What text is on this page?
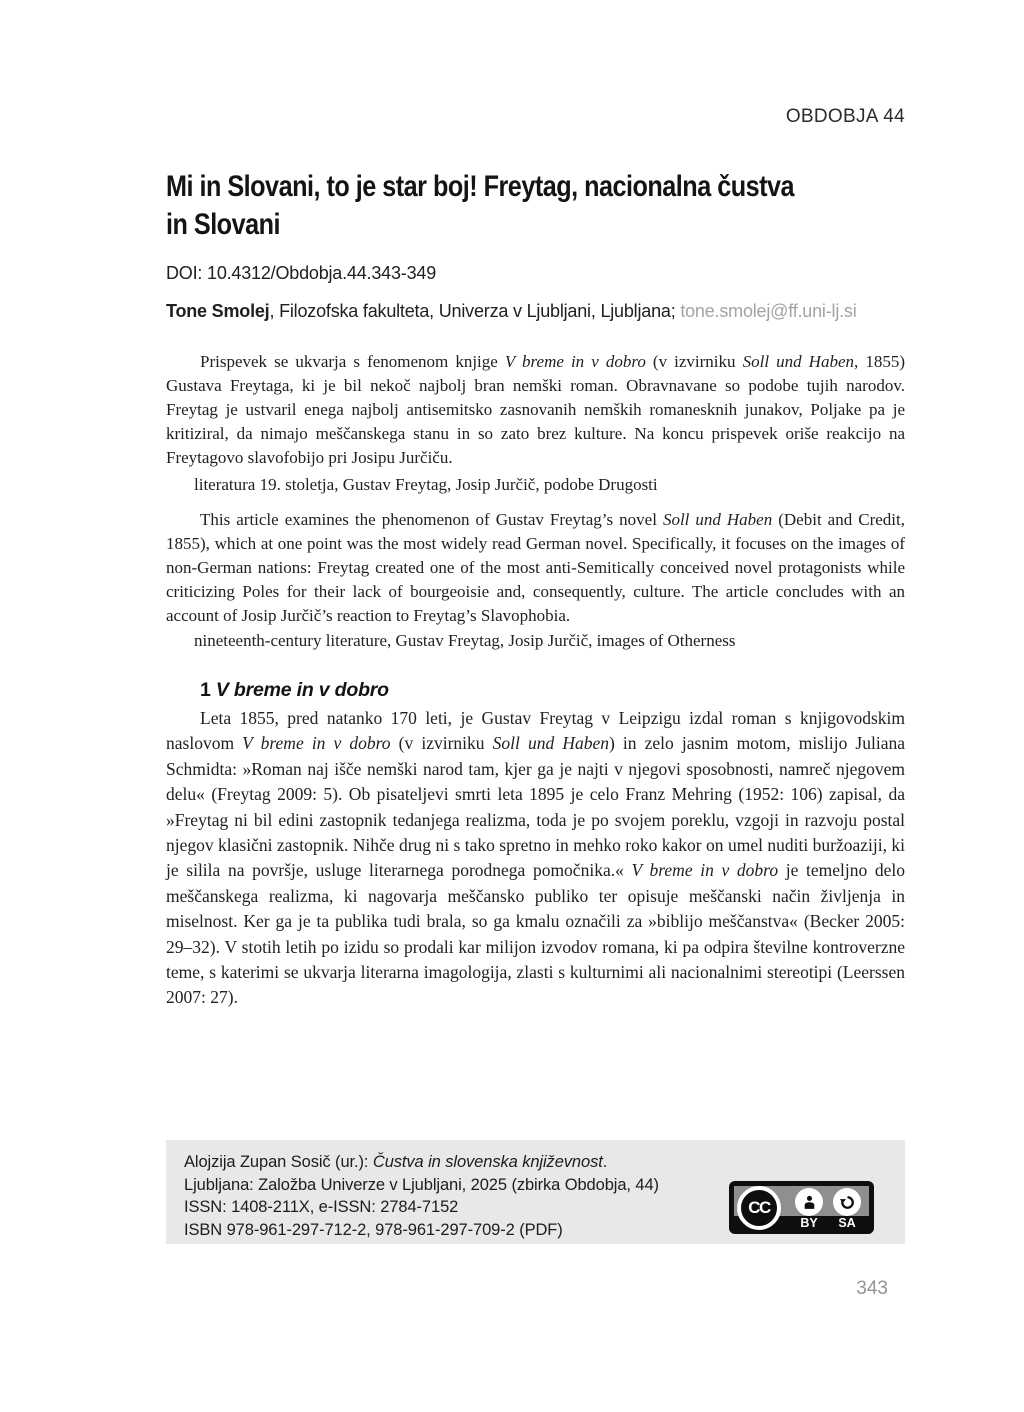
OBDOBJA 44
Mi in Slovani, to je star boj! Freytag, nacionalna čustva
in Slovani
DOI: 10.4312/Obdobja.44.343-349
Tone Smolej, Filozofska fakulteta, Univerza v Ljubljani, Ljubljana; tone.smolej@ff.uni-lj.si
Prispevek se ukvarja s fenomenom knjige V breme in v dobro (v izvirniku Soll und Haben, 1855) Gustava Freytaga, ki je bil nekoč najbolj bran nemški roman. Obravnavane so podobe tujih narodov. Freytag je ustvaril enega najbolj antisemitsko zasnovanih nemških romanesknih junakov, Poljake pa je kritiziral, da nimajo meščanskega stanu in so zato brez kulture. Na koncu prispevek oriše reakcijo na Freytagovo slavofobijo pri Josipu Jurčiču.
literatura 19. stoletja, Gustav Freytag, Josip Jurčič, podobe Drugosti
This article examines the phenomenon of Gustav Freytag’s novel Soll und Haben (Debit and Credit, 1855), which at one point was the most widely read German novel. Specifically, it focuses on the images of non-German nations: Freytag created one of the most anti-Semitically conceived novel protagonists while criticizing Poles for their lack of bourgeoisie and, consequently, culture. The article concludes with an account of Josip Jurčič’s reaction to Freytag’s Slavophobia.
nineteenth-century literature, Gustav Freytag, Josip Jurčič, images of Otherness
1 V breme in v dobro
Leta 1855, pred natanko 170 leti, je Gustav Freytag v Leipzigu izdal roman s knjigovodskim naslovom V breme in v dobro (v izvirniku Soll und Haben) in zelo jasnim motom, mislijo Juliana Schmidta: »Roman naj išče nemški narod tam, kjer ga je najti v njegovi sposobnosti, namreč njegovem delu« (Freytag 2009: 5). Ob pisateljevi smrti leta 1895 je celo Franz Mehring (1952: 106) zapisal, da »Freytag ni bil edini zastopnik tedanjega realizma, toda je po svojem poreklu, vzgoji in razvoju postal njegov klasični zastopnik. Nihče drug ni s tako spretno in mehko roko kakor on umel nuditi buržoaziji, ki je silila na površje, usluge literarnega porodnega pomočnika.« V breme in v dobro je temeljno delo meščanskega realizma, ki nagovarja meščansko publiko ter opisuje meščanski način življenja in miselnost. Ker ga je ta publika tudi brala, so ga kmalu označili za »biblijo meščanstva« (Becker 2005: 29–32). V stotih letih po izidu so prodali kar milijon izvodov romana, ki pa odpira številne kontroverzne teme, s katerimi se ukvarja literarna imagologija, zlasti s kulturnimi ali nacionalnimi stereotipi (Leerssen 2007: 27).
Alojzija Zupan Sosič (ur.): Čustva in slovenska književnost.
Ljubljana: Založba Univerze v Ljubljani, 2025 (zbirka Obdobja, 44)
ISSN: 1408-211X, e-ISSN: 2784-7152
ISBN 978-961-297-712-2, 978-961-297-709-2 (PDF)
CC
BY	SA
343
